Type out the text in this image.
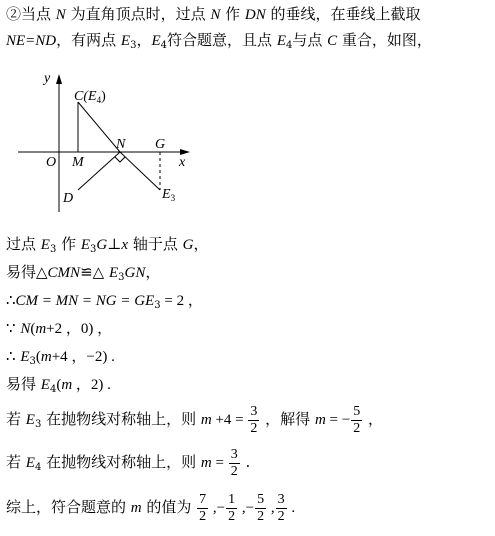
②当点 N 为直角顶点时，过点 N 作 DN 的垂线，在垂线上截取
NE=ND，有两点 $E_3$，$E_4$符合题意，且点 $E_4$与点 C 重合，如图，
y
x
O M
N G
D
$C(E_4)$
$E_3$
过点 $E_3$ 作 $E_3G\perp x$ 轴于点 G，
易得△CMN≌△ $E_3GN$，
∴CM = MN = NG = $GE_3 = 2$ ，
∵ N(m+2 ，0) ，
∴ $E_3(m+4$ ，−2) .
易得 $E_4(m$ ，2) .
若 $E_3$ 在抛物线对称轴上，则 $m +4 = \frac{3}{2}$ ，解得 m = − $\frac{5}{2}$ ，
若 $E_4$ 在抛物线对称轴上，则 $m = \frac{3}{2}$ .
综上，符合题意的 m 的值为 $\frac{7}{2}$ ,− $\frac{1}{2}$ ,− $\frac{5}{2}$ , $\frac{3}{2}$ .
